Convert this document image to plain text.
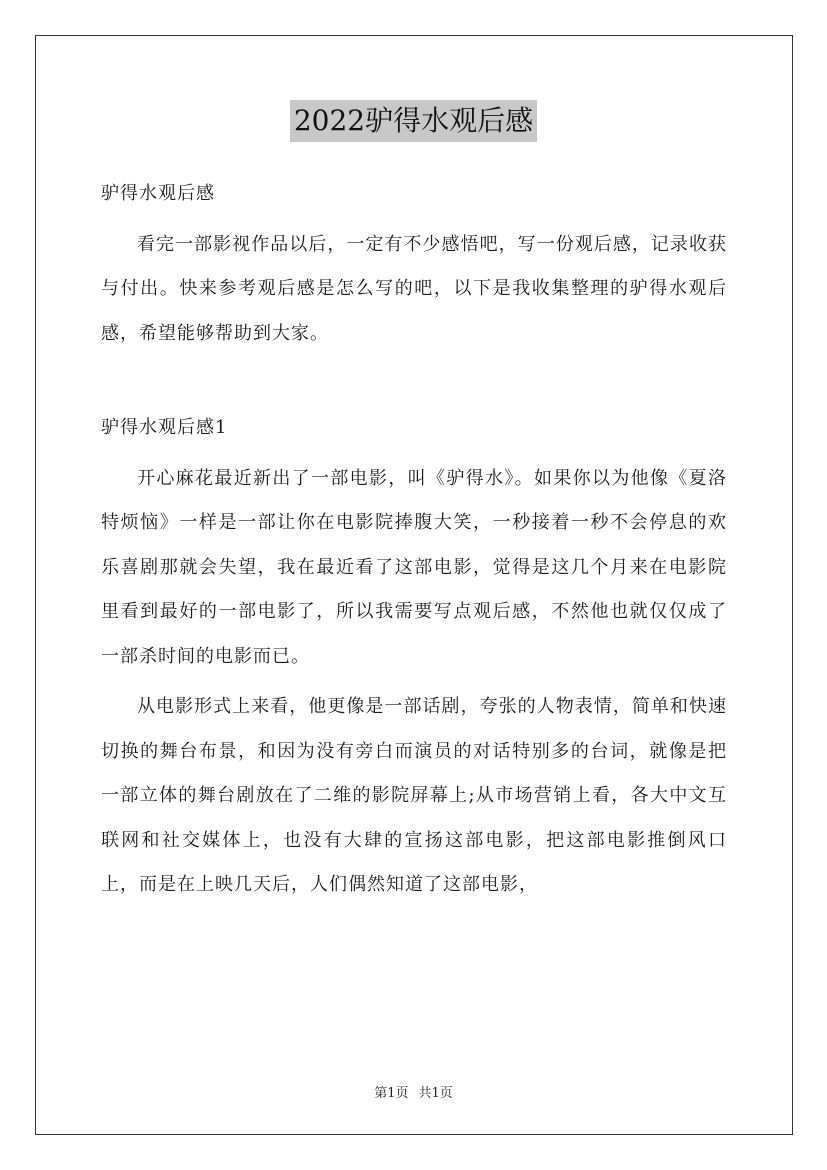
2022驴得水观后感

驴得水观后感

看完一部影视作品以后，一定有不少感悟吧，写一份观后感，记录收获与付出。快来参考观后感是怎么写的吧，以下是我收集整理的驴得水观后感，希望能够帮助到大家。

驴得水观后感1

开心麻花最近新出了一部电影，叫《驴得水》。如果你以为他像《夏洛特烦恼》一样是一部让你在电影院捧腹大笑，一秒接着一秒不会停息的欢乐喜剧那就会失望，我在最近看了这部电影，觉得是这几个月来在电影院里看到最好的一部电影了，所以我需要写点观后感，不然他也就仅仅成了一部杀时间的电影而已。

从电影形式上来看，他更像是一部话剧，夸张的人物表情，简单和快速切换的舞台布景，和因为没有旁白而演员的对话特别多的台词，就像是把一部立体的舞台剧放在了二维的影院屏幕上;从市场营销上看，各大中文互联网和社交媒体上，也没有大肆的宣扬这部电影，把这部电影推倒风口上，而是在上映几天后，人们偶然知道了这部电影，

第1页 共1页
